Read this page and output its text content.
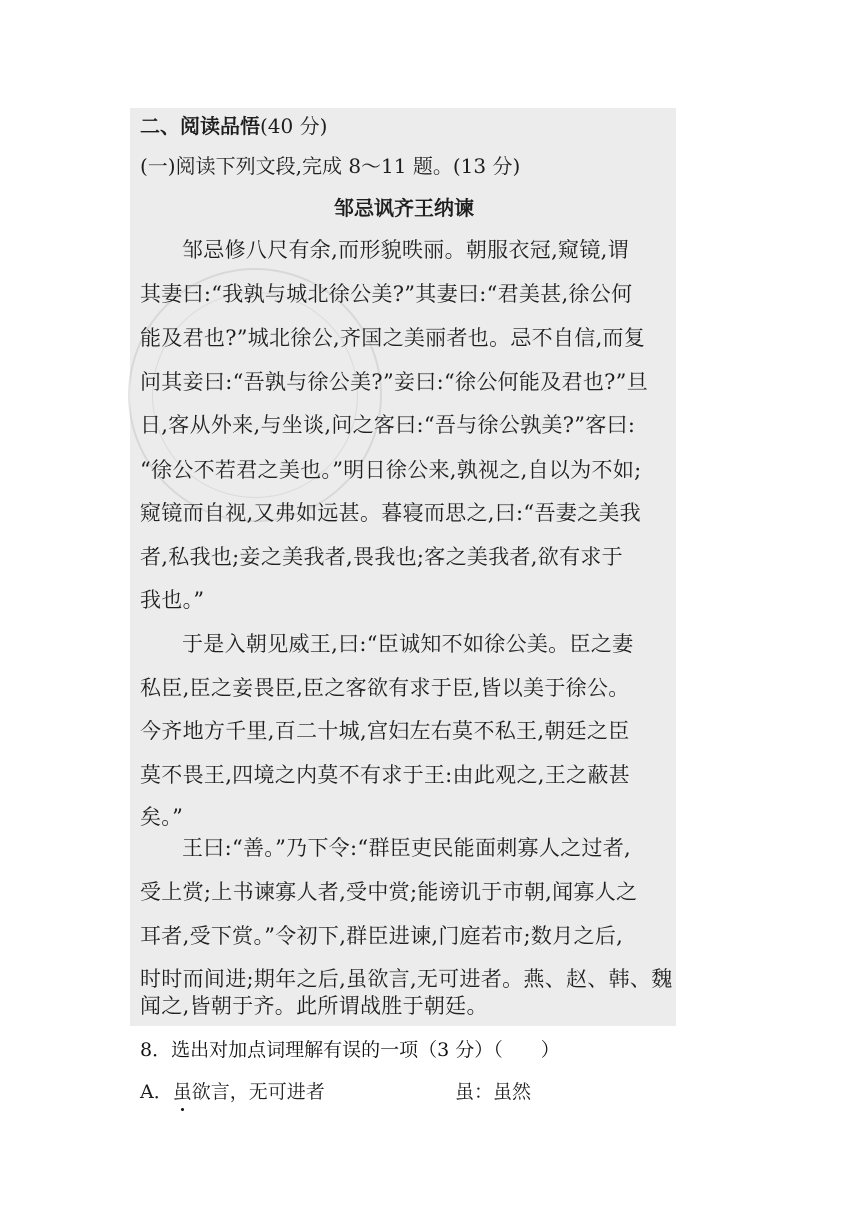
二、阅读品悟(40 分)
(一)阅读下列文段,完成 8～11 题。(13 分)
邹忌讽齐王纳谏
邹忌修八尺有余,而形貌昳丽。朝服衣冠,窥镜,谓
其妻曰:“我孰与城北徐公美?”其妻曰:“君美甚,徐公何
能及君也?”城北徐公,齐国之美丽者也。忌不自信,而复
问其妾曰:“吾孰与徐公美?”妾曰:“徐公何能及君也?”旦
日,客从外来,与坐谈,问之客曰:“吾与徐公孰美?”客曰:
“徐公不若君之美也。”明日徐公来,孰视之,自以为不如;
窥镜而自视,又弗如远甚。暮寝而思之,曰:“吾妻之美我
者,私我也;妾之美我者,畏我也;客之美我者,欲有求于
我也。”
于是入朝见威王,曰:“臣诚知不如徐公美。臣之妻
私臣,臣之妾畏臣,臣之客欲有求于臣,皆以美于徐公。
今齐地方千里,百二十城,宫妇左右莫不私王,朝廷之臣
莫不畏王,四境之内莫不有求于王:由此观之,王之蔽甚
矣。”
王曰:“善。”乃下令:“群臣吏民能面刺寡人之过者,
受上赏;上书谏寡人者,受中赏;能谤讥于市朝,闻寡人之
耳者,受下赏。”令初下,群臣进谏,门庭若市;数月之后,
时时而间进;期年之后,虽欲言,无可进者。燕、赵、韩、魏
闻之,皆朝于齐。此所谓战胜于朝廷。
8．选出对加点词理解有误的一项（3 分）（　　）
A．虽欲言，无可进者	虽：虽然
